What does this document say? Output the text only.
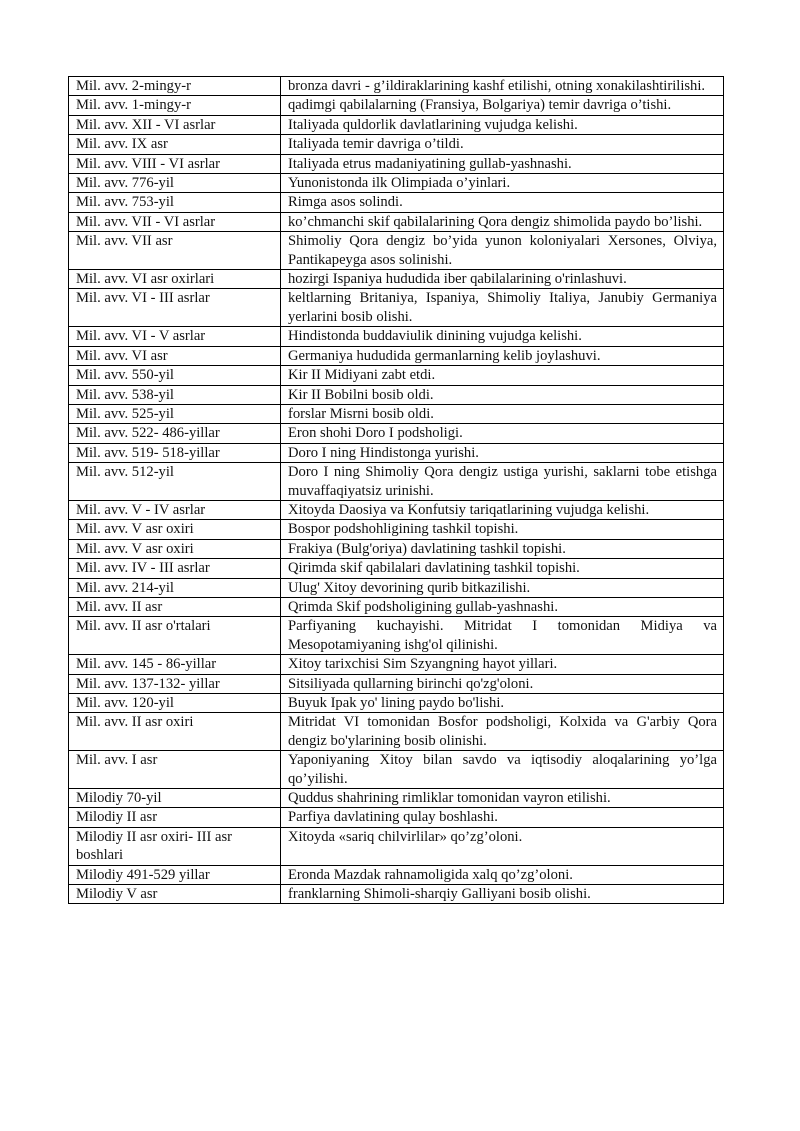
Mil. avv. 2-mingy-r	bronza davri - g’ildiraklarining kashf etilishi, otning xonakilashtirilishi.
Mil. avv. 1-mingy-r	qadimgi qabilalarning (Fransiya, Bolgariya) temir davriga o’tishi.
Mil. avv. XII - VI asrlar	Italiyada quldorlik davlatlarining vujudga kelishi.
Mil. avv. IX asr	Italiyada temir davriga o’tildi.
Mil. avv. VIII - VI asrlar	Italiyada etrus madaniyatining gullab-yashnashi.
Mil. avv. 776-yil	Yunonistonda ilk Olimpiada o’yinlari.
Mil. avv. 753-yil	Rimga asos solindi.
Mil. avv. VII - VI asrlar	ko’chmanchi skif qabilalarining Qora dengiz shimolida paydo bo’lishi.
Mil. avv. VII asr	Shimoliy Qora dengiz bo’yida yunon koloniyalari Xersones, Olviya, Pantikapeyga asos solinishi.
Mil. avv. VI asr oxirlari	hozirgi Ispaniya hududida iber qabilalarining o'rinlashuvi.
Mil. avv. VI - III asrlar	keltlarning Britaniya, Ispaniya, Shimoliy Italiya, Janubiy Germaniya yerlarini bosib olishi.
Mil. avv. VI - V asrlar	Hindistonda buddaviulik dinining vujudga kelishi.
Mil. avv. VI asr	Germaniya hududida germanlarning kelib joylashuvi.
Mil. avv. 550-yil	Kir II Midiyani zabt etdi.
Mil. avv. 538-yil	Kir II Bobilni bosib oldi.
Mil. avv. 525-yil	forslar Misrni bosib oldi.
Mil. avv. 522- 486-yillar	Eron shohi Doro I podsholigi.
Mil. avv. 519- 518-yillar	Doro I ning Hindistonga yurishi.
Mil. avv. 512-yil	Doro I ning Shimoliy Qora dengiz ustiga yurishi, saklarni tobe etishga muvaffaqiyatsiz urinishi.
Mil. avv. V - IV asrlar	Xitoyda Daosiya va Konfutsiy tariqatlarining vujudga kelishi.
Mil. avv. V asr oxiri	Bospor podshohligining tashkil topishi.
Mil. avv. V asr oxiri	Frakiya (Bulg'oriya) davlatining tashkil topishi.
Mil. avv. IV - III asrlar	Qirimda skif qabilalari davlatining tashkil topishi.
Mil. avv. 214-yil	Ulug' Xitoy devorining qurib bitkazilishi.
Mil. avv. II asr	Qrimda Skif podsholigining gullab-yashnashi.
Mil. avv. II asr o'rtalari	Parfiyaning kuchayishi. Mitridat I tomonidan Midiya va Mesopotamiyaning ishg'ol qilinishi.
Mil. avv. 145 - 86-yillar	Xitoy tarixchisi Sim Szyangning hayot yillari.
Mil. avv. 137-132- yillar	Sitsiliyada qullarning birinchi qo'zg'oloni.
Mil. avv. 120-yil	Buyuk Ipak yo' lining paydo bo'lishi.
Mil. avv. II asr oxiri	Mitridat VI tomonidan Bosfor podsholigi, Kolxida va G'arbiy Qora dengiz bo'ylarining bosib olinishi.
Mil. avv. I asr	Yaponiyaning Xitoy bilan savdo va iqtisodiy aloqalarining yo’lga qo’yilishi.
Milodiy 70-yil	Quddus shahrining rimliklar tomonidan vayron etilishi.
Milodiy II asr	Parfiya davlatining qulay boshlashi.
Milodiy II asr oxiri- III asr boshlari	Xitoyda «sariq chilvirlilar» qo’zg’oloni.
Milodiy 491-529 yillar	Eronda Mazdak rahnamoligida xalq qo’zg’oloni.
Milodiy V asr	franklarning Shimoli-sharqiy Galliyani bosib olishi.
